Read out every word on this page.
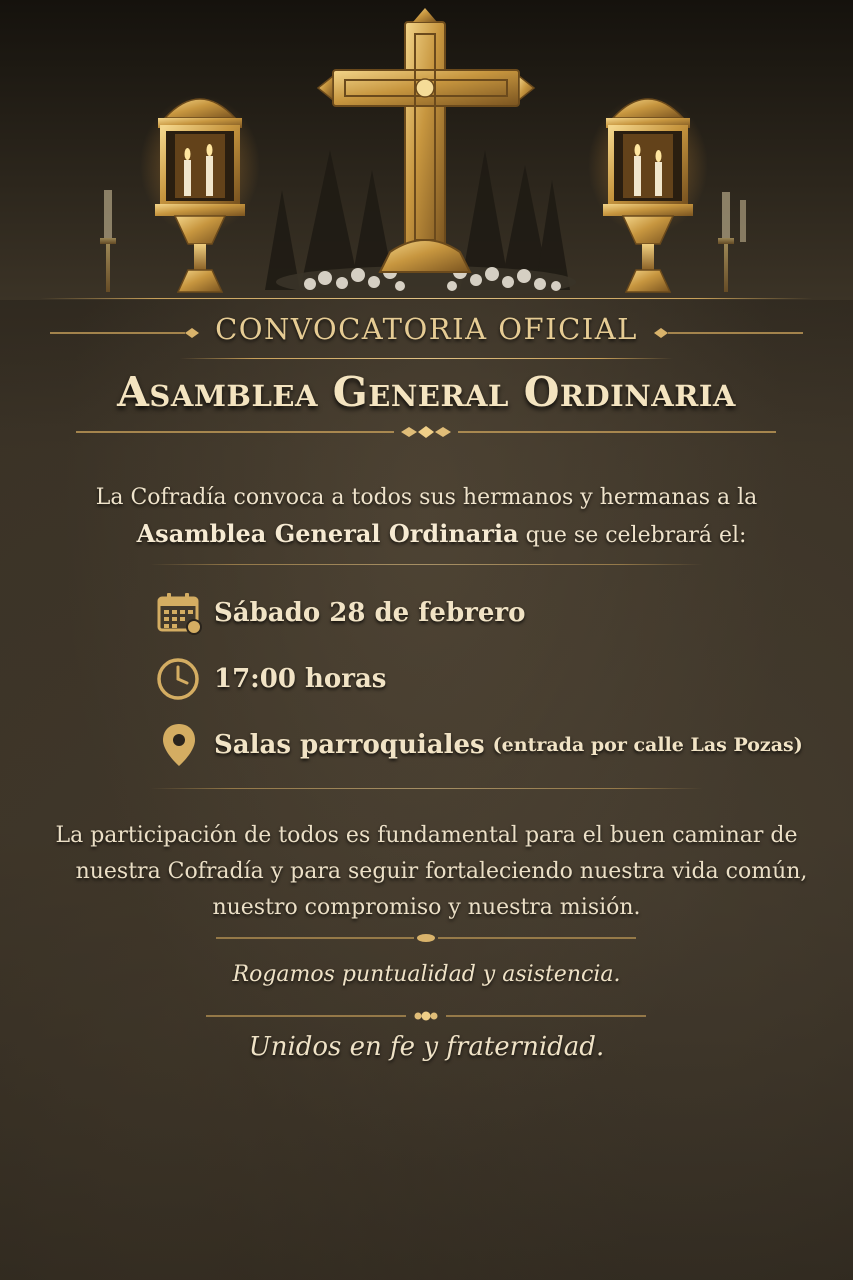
CONVOCATORIA OFICIAL
Asamblea General Ordinaria
La Cofradía convoca a todos sus hermanos y hermanas a la
Asamblea General Ordinaria que se celebrará el:
Sábado 28 de febrero
17:00 horas
Salas parroquiales (entrada por calle Las Pozas)
La participación de todos es fundamental para el buen caminar de
nuestra Cofradía y para seguir fortaleciendo nuestra vida común,
nuestro compromiso y nuestra misión.
Rogamos puntualidad y asistencia.
Unidos en fe y fraternidad.
